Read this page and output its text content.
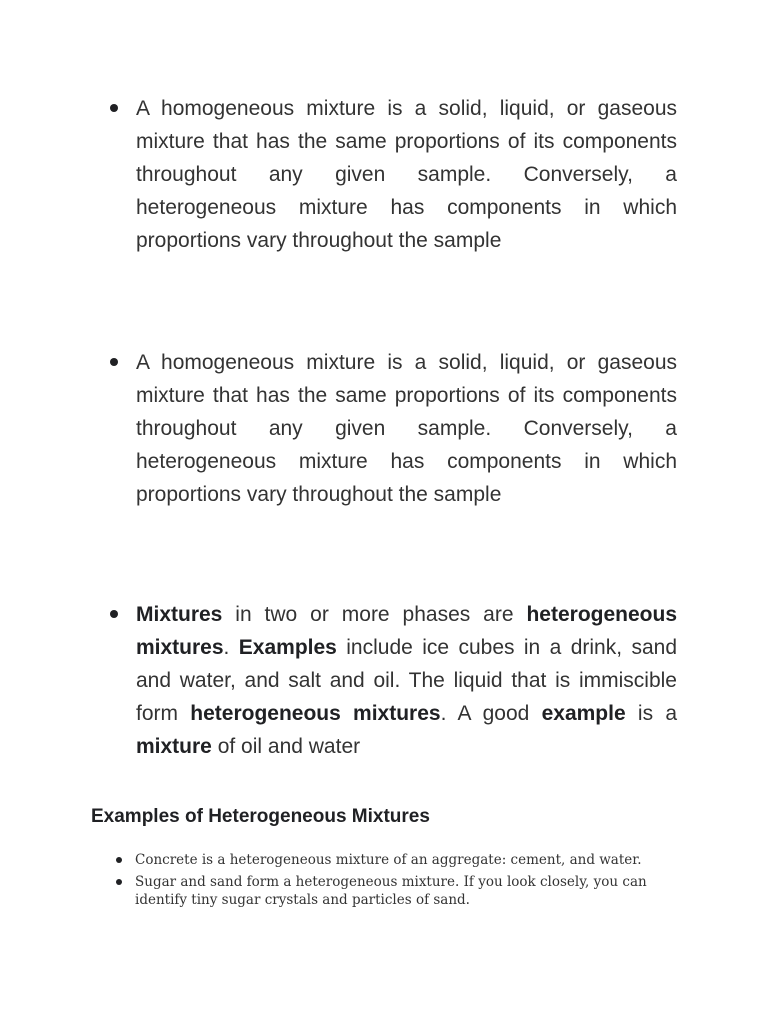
A homogeneous mixture is a solid, liquid, or gaseous mixture that has the same proportions of its components throughout any given sample. Conversely, a heterogeneous mixture has components in which proportions vary throughout the sample
A homogeneous mixture is a solid, liquid, or gaseous mixture that has the same proportions of its components throughout any given sample. Conversely, a heterogeneous mixture has components in which proportions vary throughout the sample
Mixtures in two or more phases are heterogeneous mixtures. Examples include ice cubes in a drink, sand and water, and salt and oil. The liquid that is immiscible form heterogeneous mixtures. A good example is a mixture of oil and water
Examples of Heterogeneous Mixtures
Concrete is a heterogeneous mixture of an aggregate: cement, and water.
Sugar and sand form a heterogeneous mixture. If you look closely, you can identify tiny sugar crystals and particles of sand.
